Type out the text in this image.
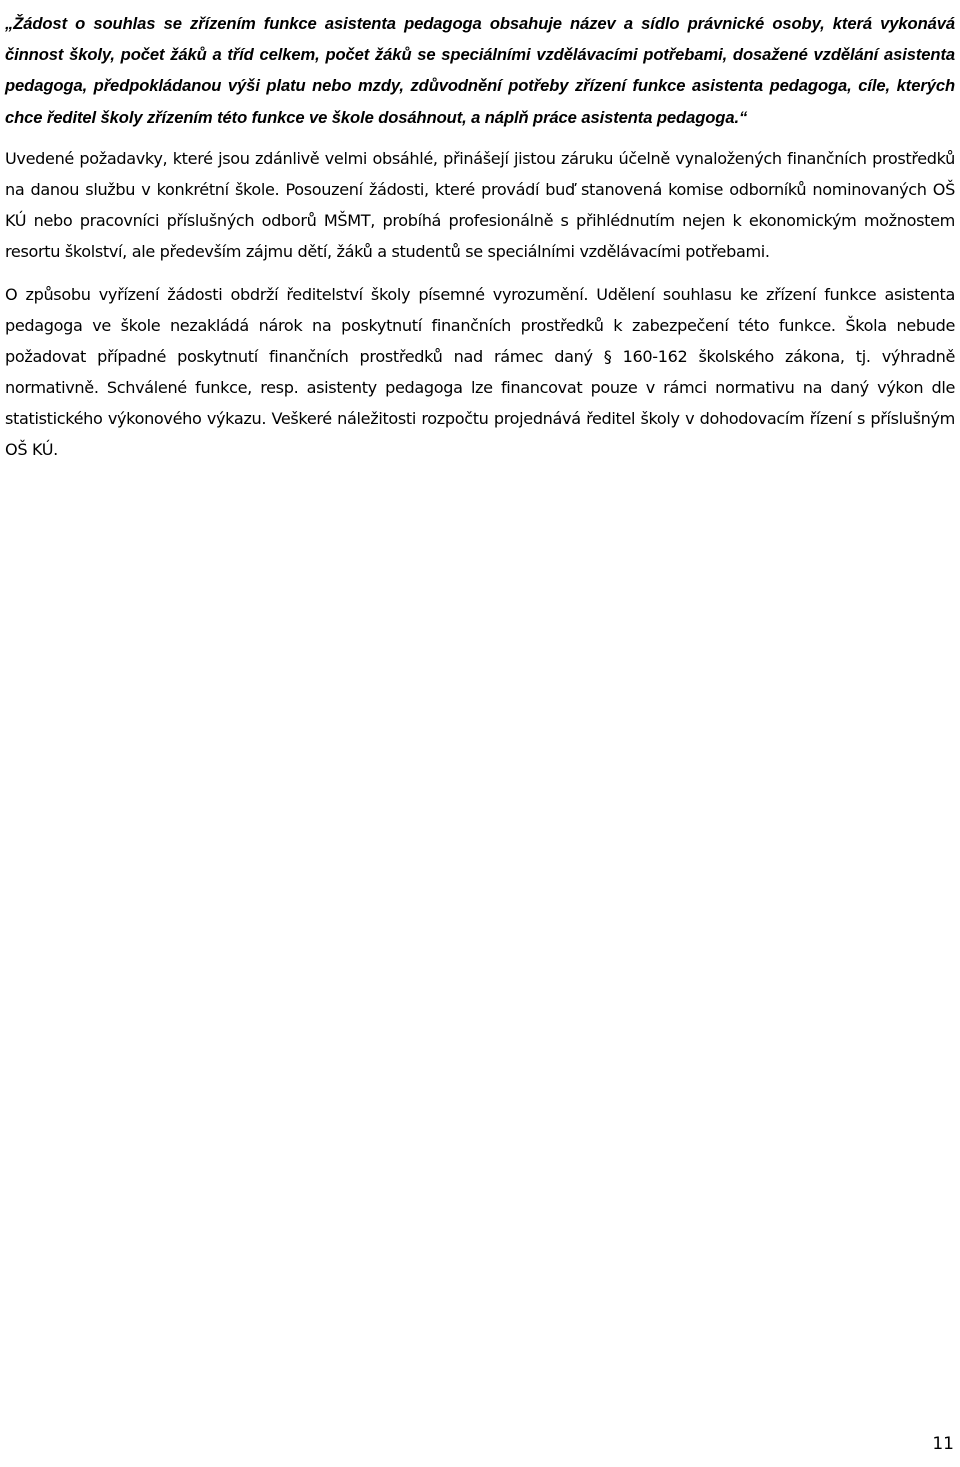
„Žádost o souhlas se zřízením funkce asistenta pedagoga obsahuje název a sídlo právnické osoby, která vykonává činnost školy, počet žáků a tříd celkem, počet žáků se speciálními vzdělávacími potřebami, dosažené vzdělání asistenta pedagoga, předpokládanou výši platu nebo mzdy, zdůvodnění potřeby zřízení funkce asistenta pedagoga, cíle, kterých chce ředitel školy zřízením této funkce ve škole dosáhnout, a náplň práce asistenta pedagoga.“

Uvedené požadavky, které jsou zdánlivě velmi obsáhlé, přinášejí jistou záruku účelně vynaložených finančních prostředků na danou službu v konkrétní škole. Posouzení žádosti, které provádí buď stanovená komise odborníků nominovaných OŠ KÚ nebo pracovníci příslušných odborů MŠMT, probíhá profesionálně s přihlédnutím nejen k ekonomickým možnostem resortu školství, ale především zájmu dětí, žáků a studentů se speciálními vzdělávacími potřebami.

O způsobu vyřízení žádosti obdrží ředitelství školy písemné vyrozumění. Udělení souhlasu ke zřízení funkce asistenta pedagoga ve škole nezakládá nárok na poskytnutí finančních prostředků k zabezpečení této funkce. Škola nebude požadovat případné poskytnutí finančních prostředků nad rámec daný § 160-162 školského zákona, tj. výhradně normativně. Schválené funkce, resp. asistenty pedagoga lze financovat pouze v rámci normativu na daný výkon dle statistického výkonového výkazu. Veškeré náležitosti rozpočtu projednává ředitel školy v dohodovacím řízení s příslušným OŠ KÚ.

11
